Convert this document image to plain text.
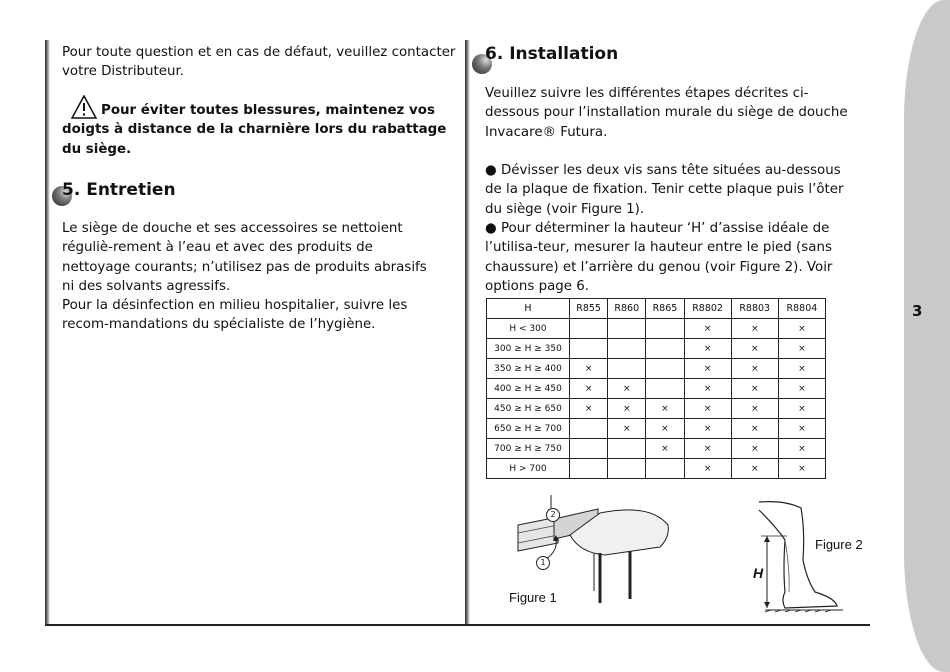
3

Pour toute question et en cas de défaut, veuillez contacter votre Distributeur.

Pour éviter toutes blessures, maintenez vos doigts à distance de la charnière lors du rabattage du siège.

5. Entretien

Le siège de douche et ses accessoires se nettoient réguliè-rement à l’eau et avec des produits de nettoyage courants; n’utilisez pas de produits abrasifs ni des solvants agressifs.

Pour la désinfection en milieu hospitalier, suivre les recom-mandations du spécialiste de l’hygiène.

6. Installation

Veuillez suivre les différentes étapes décrites ci-dessous pour l’installation murale du siège de douche Invacare® Futura.

● Dévisser les deux vis sans tête situées au-dessous de la plaque de fixation. Tenir cette plaque puis l’ôter du siège (voir Figure 1).

● Pour déterminer la hauteur ‘H’ d’assise idéale de l’utilisa-teur, mesurer la hauteur entre le pied (sans chaussure) et l’arrière du genou (voir Figure 2). Voir options page 6.

H	R855	R860	R865	R8802	R8803	R8804
H < 300				×	×	×
300 ≥ H ≥ 350				×	×	×
350 ≥ H ≥ 400	×			×	×	×
400 ≥ H ≥ 450	×	×		×	×	×
450 ≥ H ≥ 650	×	×	×	×	×	×
650 ≥ H ≥ 700		×	×	×	×	×
700 ≥ H ≥ 750			×	×	×	×
H > 700				×	×	×
2
1
Figure 1
H
Figure 2
